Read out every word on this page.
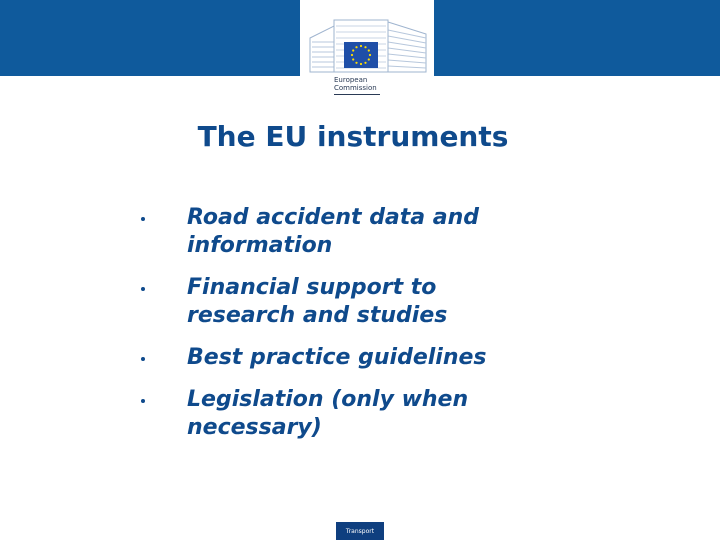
European
Commission
The EU instruments
Road accident data and
information
Financial support to
research and studies
Best practice guidelines
Legislation (only when
necessary)
Transport
